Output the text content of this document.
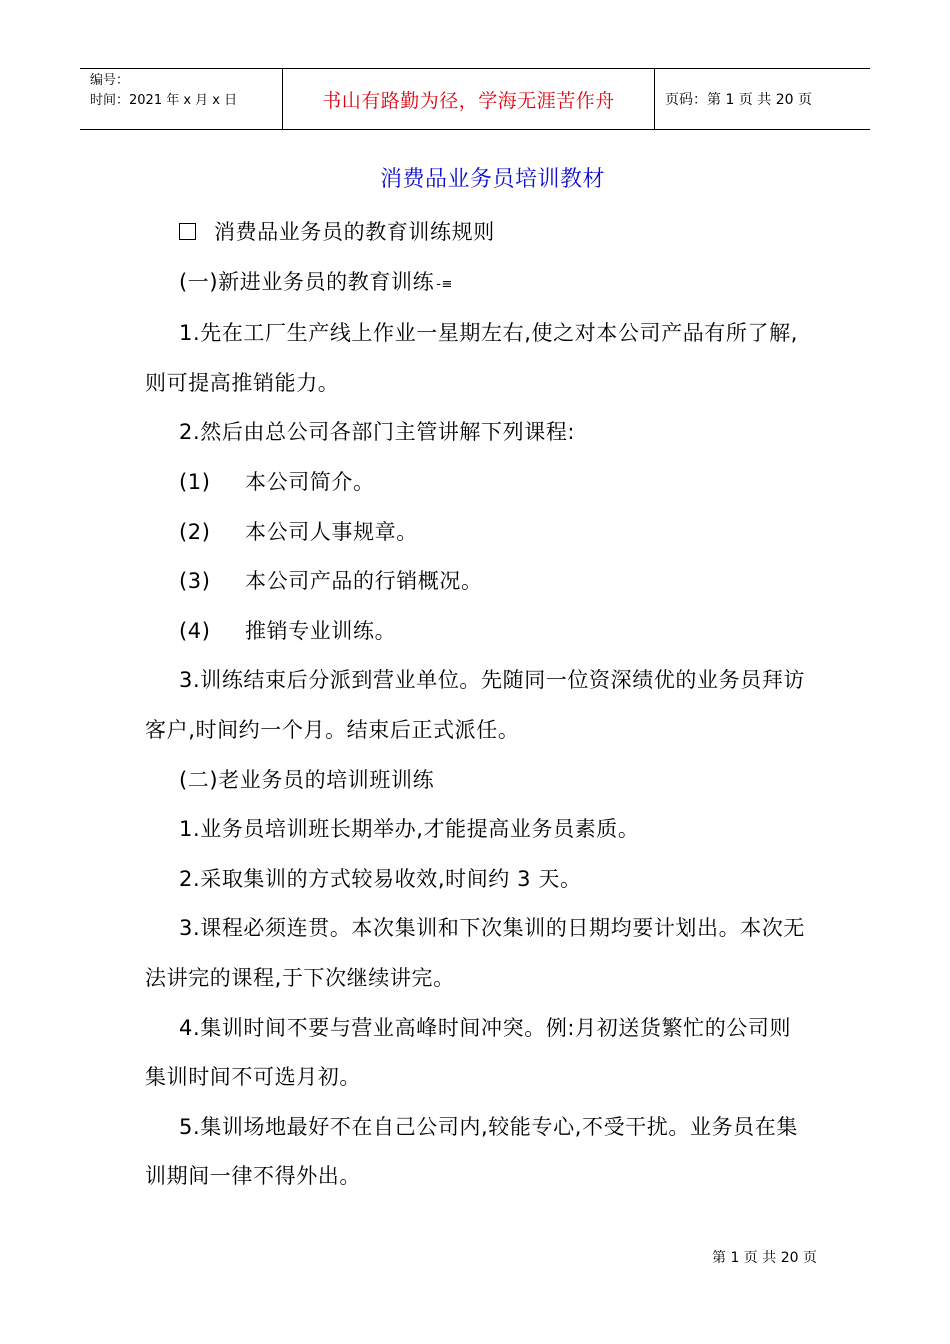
编号：
时间：2021 年 x 月 x 日	书山有路勤为径，学海无涯苦作舟	页码：第 1 页 共 20 页
消费品业务员培训教材

消费品业务员的教育训练规则

(一)新进业务员的教育训练 -≡

1.先在工厂生产线上作业一星期左右,使之对本公司产品有所了解,则可提高推销能力。

2.然后由总公司各部门主管讲解下列课程:

(1)	本公司简介。
(2)	本公司人事规章。
(3)	本公司产品的行销概况。
(4)	推销专业训练。

3.训练结束后分派到营业单位。先随同一位资深绩优的业务员拜访客户,时间约一个月。结束后正式派任。

(二)老业务员的培训班训练

1.业务员培训班长期举办,才能提高业务员素质。

2.采取集训的方式较易收效,时间约 3 天。

3.课程必须连贯。本次集训和下次集训的日期均要计划出。本次无法讲完的课程,于下次继续讲完。

4.集训时间不要与营业高峰时间冲突。例:月初送货繁忙的公司则集训时间不可选月初。

5.集训场地最好不在自己公司内,较能专心,不受干扰。业务员在集训期间一律不得外出。

第 1 页 共 20 页
